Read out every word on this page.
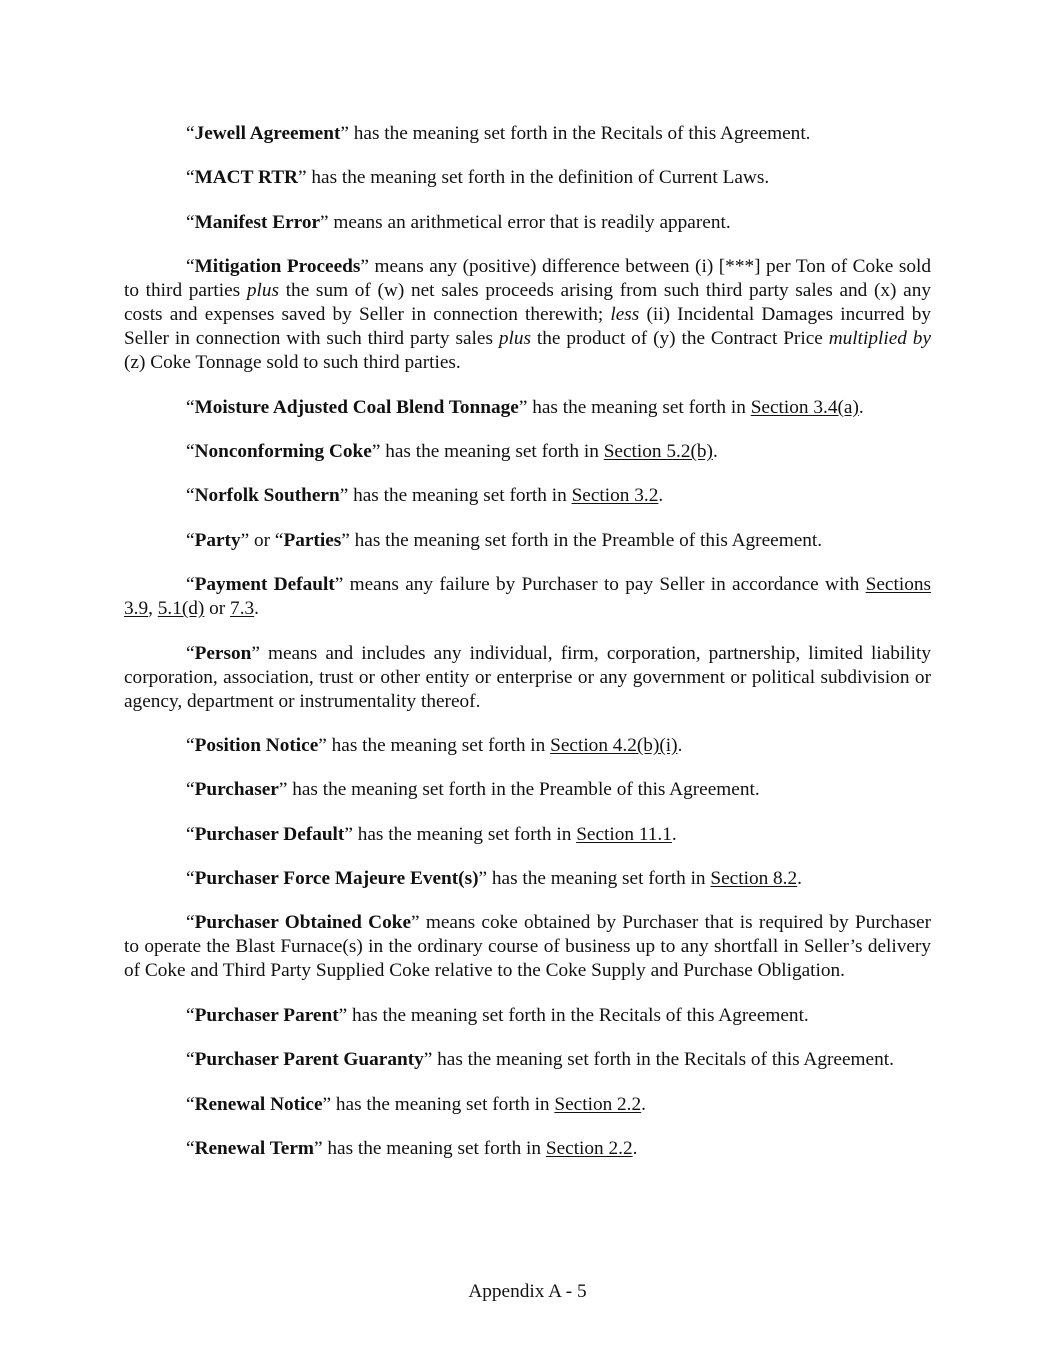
“Jewell Agreement” has the meaning set forth in the Recitals of this Agreement.

“MACT RTR” has the meaning set forth in the definition of Current Laws.

“Manifest Error” means an arithmetical error that is readily apparent.

“Mitigation Proceeds” means any (positive) difference between (i) [***] per Ton of Coke sold to third parties plus the sum of (w) net sales proceeds arising from such third party sales and (x) any costs and expenses saved by Seller in connection therewith; less (ii) Incidental Damages incurred by Seller in connection with such third party sales plus the product of (y) the Contract Price multiplied by (z) Coke Tonnage sold to such third parties.

“Moisture Adjusted Coal Blend Tonnage” has the meaning set forth in Section 3.4(a).

“Nonconforming Coke” has the meaning set forth in Section 5.2(b).

“Norfolk Southern” has the meaning set forth in Section 3.2.

“Party” or “Parties” has the meaning set forth in the Preamble of this Agreement.

“Payment Default” means any failure by Purchaser to pay Seller in accordance with Sections 3.9, 5.1(d) or 7.3.

“Person” means and includes any individual, firm, corporation, partnership, limited liability corporation, association, trust or other entity or enterprise or any government or political subdivision or agency, department or instrumentality thereof.

“Position Notice” has the meaning set forth in Section 4.2(b)(i).

“Purchaser” has the meaning set forth in the Preamble of this Agreement.

“Purchaser Default” has the meaning set forth in Section 11.1.

“Purchaser Force Majeure Event(s)” has the meaning set forth in Section 8.2.

“Purchaser Obtained Coke” means coke obtained by Purchaser that is required by Purchaser to operate the Blast Furnace(s) in the ordinary course of business up to any shortfall in Seller’s delivery of Coke and Third Party Supplied Coke relative to the Coke Supply and Purchase Obligation.

“Purchaser Parent” has the meaning set forth in the Recitals of this Agreement.

“Purchaser Parent Guaranty” has the meaning set forth in the Recitals of this Agreement.

“Renewal Notice” has the meaning set forth in Section 2.2.

“Renewal Term” has the meaning set forth in Section 2.2.

Appendix A - 5
